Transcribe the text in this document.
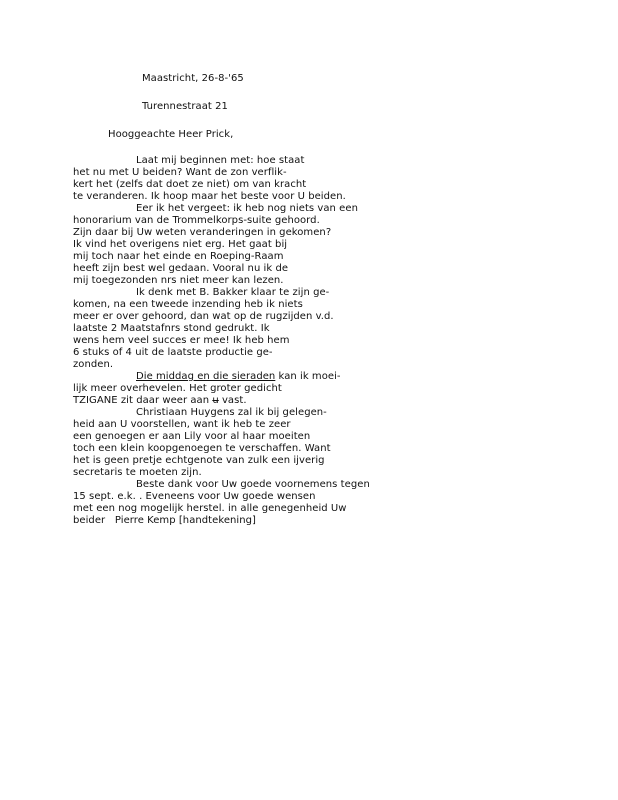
Maastricht, 26-8-'65
Turennestraat 21
Hooggeachte Heer Prick,
Laat mij beginnen met: hoe staat
het nu met U beiden? Want de zon verflik-
kert het (zelfs dat doet ze niet) om van kracht
te veranderen. Ik hoop maar het beste voor U beiden.
Eer ik het vergeet: ik heb nog niets van een
honorarium van de Trommelkorps-suite gehoord.
Zijn daar bij Uw weten veranderingen in gekomen?
Ik vind het overigens niet erg. Het gaat bij
mij toch naar het einde en Roeping-Raam
heeft zijn best wel gedaan. Vooral nu ik de
mij toegezonden nrs niet meer kan lezen.
Ik denk met B. Bakker klaar te zijn ge-
komen, na een tweede inzending heb ik niets
meer er over gehoord, dan wat op de rugzijden v.d.
laatste 2 Maatstafnrs stond gedrukt. Ik
wens hem veel succes er mee! Ik heb hem
6 stuks of 4 uit de laatste productie ge-
zonden.
Die middag en die sieraden kan ik moei-
lijk meer overhevelen. Het groter gedicht
TZIGANE zit daar weer aan u vast.
Christiaan Huygens zal ik bij gelegen-
heid aan U voorstellen, want ik heb te zeer
een genoegen er aan Lily voor al haar moeiten
toch een klein koopgenoegen te verschaffen. Want
het is geen pretje echtgenote van zulk een ijverig
secretaris te moeten zijn.
Beste dank voor Uw goede voornemens tegen
15 sept. e.k. . Eveneens voor Uw goede wensen
met een nog mogelijk herstel. in alle genegenheid Uw
beider   Pierre Kemp [handtekening]
